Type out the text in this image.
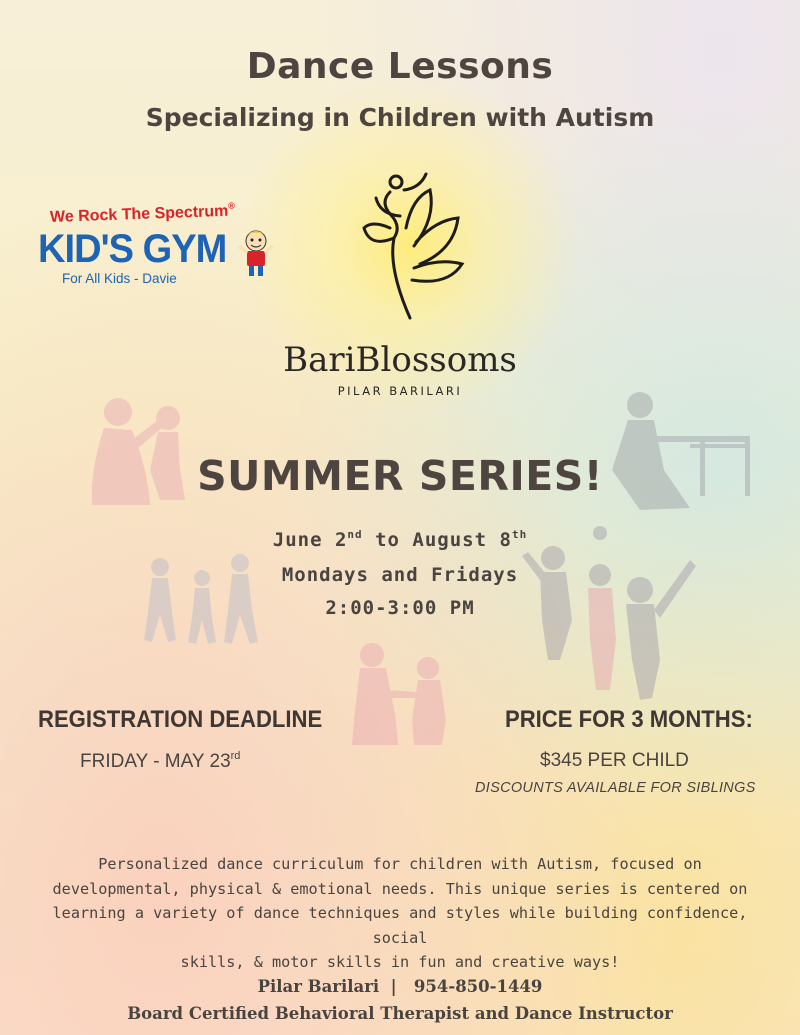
Dance Lessons
Specializing in Children with Autism
We Rock The Spectrum®
KID'S GYM
For All Kids - Davie
BariBlossoms
PILAR BARILARI
SUMMER SERIES!
June 2nd to August 8th
Mondays and Fridays
2:00-3:00 PM
REGISTRATION DEADLINE
FRIDAY - MAY 23rd
PRICE FOR 3 MONTHS:
$345 PER CHILD
DISCOUNTS AVAILABLE FOR SIBLINGS
Personalized dance curriculum for children with Autism, focused on
developmental, physical & emotional needs. This unique series is centered on
learning a variety of dance techniques and styles while building confidence, social
skills, & motor skills in fun and creative ways!
Pilar Barilari | 954-850-1449
Board Certified Behavioral Therapist and Dance Instructor
